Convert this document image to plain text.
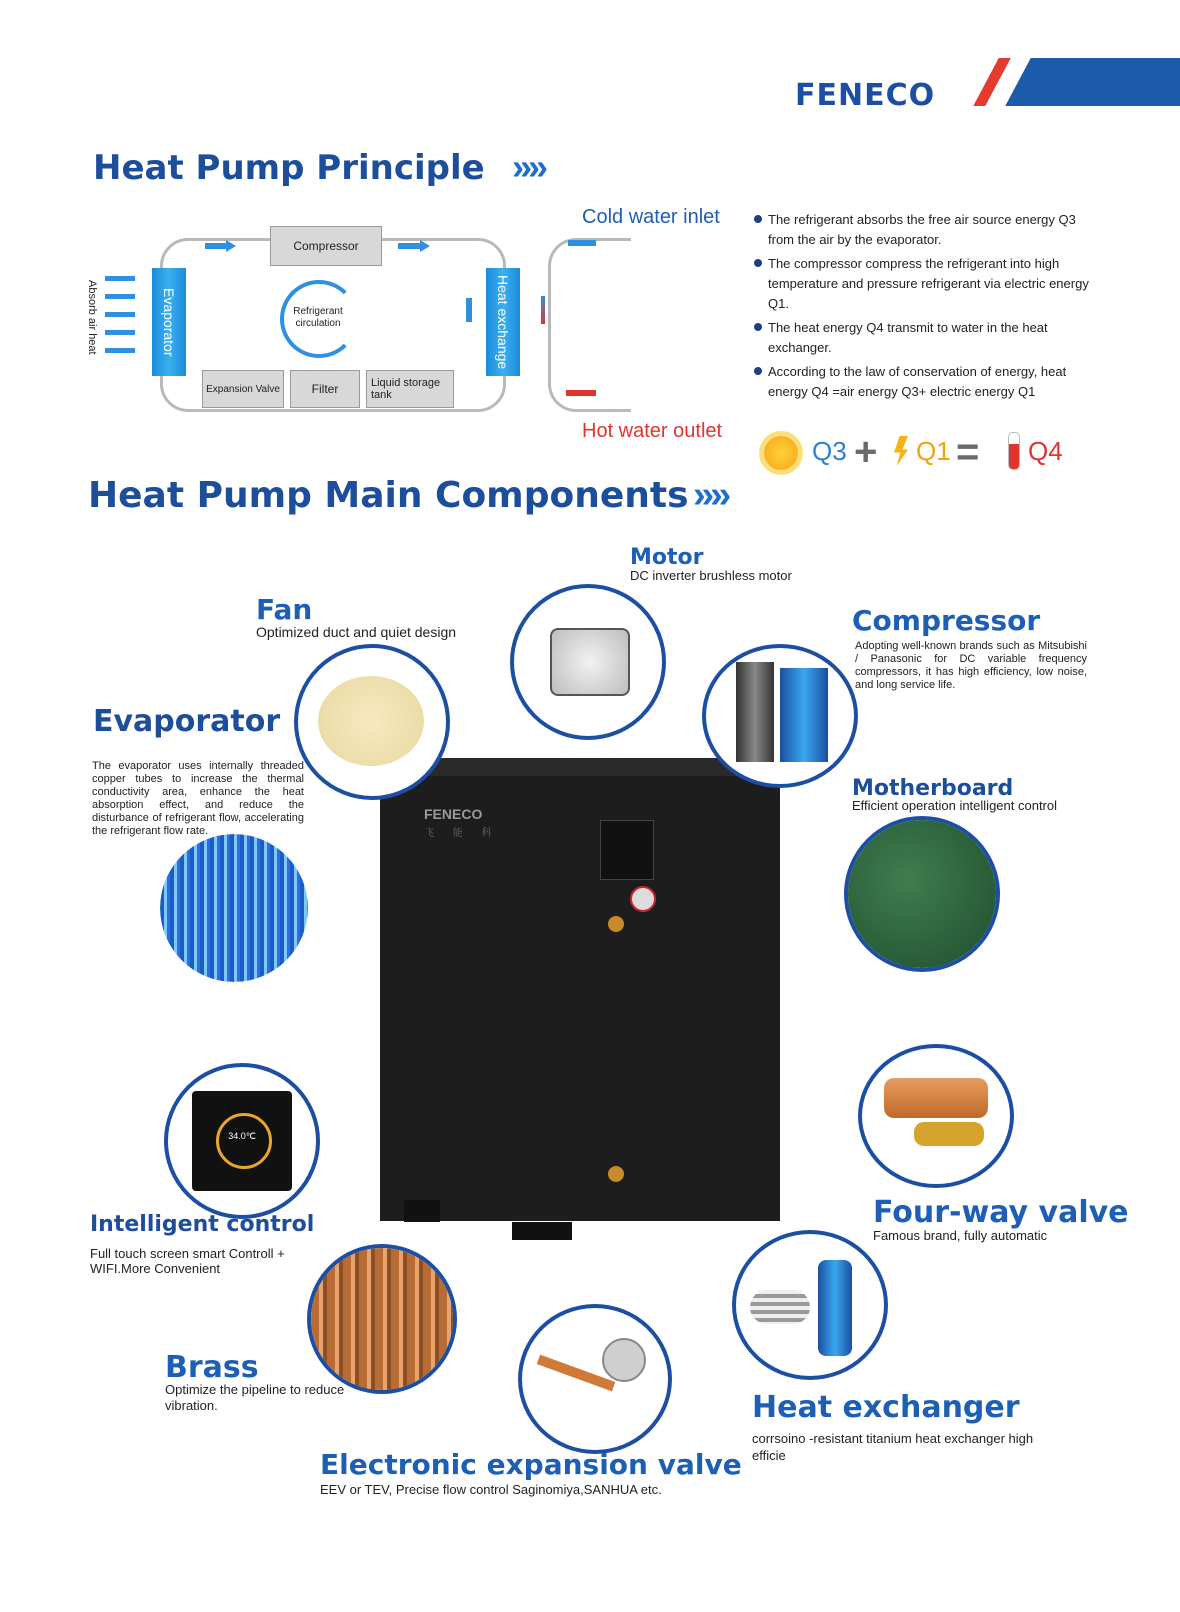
FENECO
Heat Pump Principle »»
Compressor
Evaporator	Heat exchange
Absorb air heat	Refrigerant circulation
Expansion Valve	Filter	Liquid storage tank
Cold water inlet
Hot water outlet
The refrigerant absorbs the free air source energy Q3 from the air by the evaporator.
The compressor compress the refrigerant into high temperature and pressure refrigerant via electric energy Q1.
The heat energy Q4 transmit to water in the heat exchanger.
According to the law of conservation of energy, heat energy Q4 =air energy Q3+ electric energy Q1
Q3 + Q1 = Q4
Heat Pump Main Components »»
FENECO
飞 能 科
Motor
DC inverter brushless motor
Fan
Optimized duct and quiet design	Compressor
Adopting well-known brands such as Mitsubishi / Panasonic for DC variable frequency compressors, it has high efficiency, low noise, and long service life.
Evaporator
The evaporator uses internally threaded copper tubes to increase the thermal conductivity area, enhance the heat absorption effect, and reduce the disturbance of refrigerant flow, accelerating the refrigerant flow rate.
Motherboard
Efficient operation intelligent control
34.0℃
Intelligent control
Full touch screen smart Controll + WIFI.More Convenient
Four-way valve
Famous brand, fully automatic
Brass
Optimize the pipeline to reduce vibration.	Heat exchanger
corrsoino -resistant titanium heat exchanger high efficie
Electronic expansion valve
EEV or TEV, Precise flow control Saginomiya,SANHUA etc.
